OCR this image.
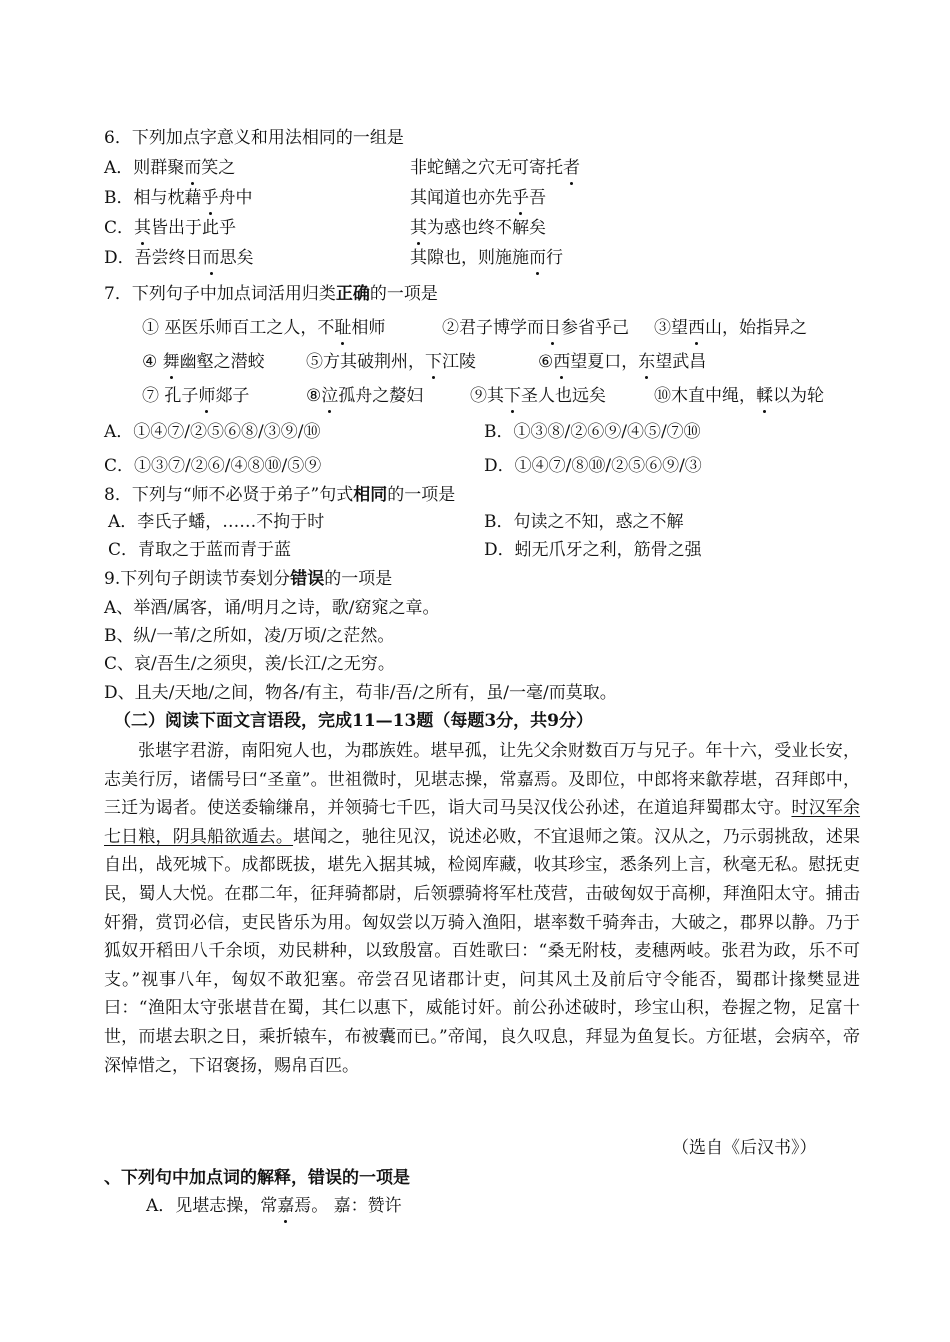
6．下列加点字意义和用法相同的一组是
A．则群聚而笑之	非蛇鳝之穴无可寄托者
B．相与枕藉乎舟中	其闻道也亦先乎吾
C．其皆出于此乎	其为惑也终不解矣
D．吾尝终日而思矣	其隙也，则施施而行
7．下列句子中加点词活用归类正确的一项是
① 巫医乐师百工之人，不耻相师	②君子博学而日参省乎己 ③望西山，始指异之
④ 舞幽壑之潜蛟 ⑤方其破荆州，下江陵	⑥西望夏口，东望武昌
⑦ 孔子师郯子	⑧泣孤舟之嫠妇	⑨其下圣人也远矣	⑩木直中绳，輮以为轮
A．①④⑦/②⑤⑥⑧/③⑨/⑩	B．①③⑧/②⑥⑨/④⑤/⑦⑩
C．①③⑦/②⑥/④⑧⑩/⑤⑨	D．①④⑦/⑧⑩/②⑤⑥⑨/③
8．下列与“师不必贤于弟子”句式相同的一项是
A．李氏子蟠，……不拘于时	B．句读之不知，惑之不解
C．青取之于蓝而青于蓝	D．蚓无爪牙之利，筋骨之强
9.下列句子朗读节奏划分错误的一项是
A、举酒/属客，诵/明月之诗，歌/窈窕之章。
B、纵/一苇/之所如，凌/万顷/之茫然。
C、哀/吾生/之须臾，羡/长江/之无穷。
D、且夫/天地/之间，物各/有主，苟非/吾/之所有，虽/一毫/而莫取。
（二）阅读下面文言语段，完成11—13题（每题3分，共9分）
张堪字君游，南阳宛人也，为郡族姓。堪早孤，让先父余财数百万与兄子。年十六，受业长安，志美行厉，诸儒号曰“圣童”。世祖微时，见堪志操，常嘉焉。及即位，中郎将来歙荐堪，召拜郎中，三迁为谒者。使送委输缣帛，并领骑七千匹，诣大司马吴汉伐公孙述，在道追拜蜀郡太守。时汉军余七日粮，阴具船欲遁去。堪闻之，驰往见汉，说述必败，不宜退师之策。汉从之，乃示弱挑敌，述果自出，战死城下。成都既拔，堪先入据其城，检阅库藏，收其珍宝，悉条列上言，秋毫无私。慰抚吏民，蜀人大悦。在郡二年，征拜骑都尉，后领骠骑将军杜茂营，击破匈奴于高柳，拜渔阳太守。捕击奸猾，赏罚必信，吏民皆乐为用。匈奴尝以万骑入渔阳，堪率数千骑奔击，大破之，郡界以静。乃于狐奴开稻田八千余顷，劝民耕种，以致殷富。百姓歌曰：“桑无附枝，麦穗两岐。张君为政，乐不可支。”视事八年，匈奴不敢犯塞。帝尝召见诸郡计吏，问其风土及前后守令能否，蜀郡计掾樊显进曰：“渔阳太守张堪昔在蜀，其仁以惠下，威能讨奸。前公孙述破时，珍宝山积，卷握之物，足富十世，而堪去职之日，乘折辕车，布被囊而已。”帝闻，良久叹息，拜显为鱼复长。方征堪，会病卒，帝深悼惜之，下诏褒扬，赐帛百匹。
（选自《后汉书》）
、下列句中加点词的解释，错误的一项是
A．见堪志操，常嘉焉。 嘉：赞许
